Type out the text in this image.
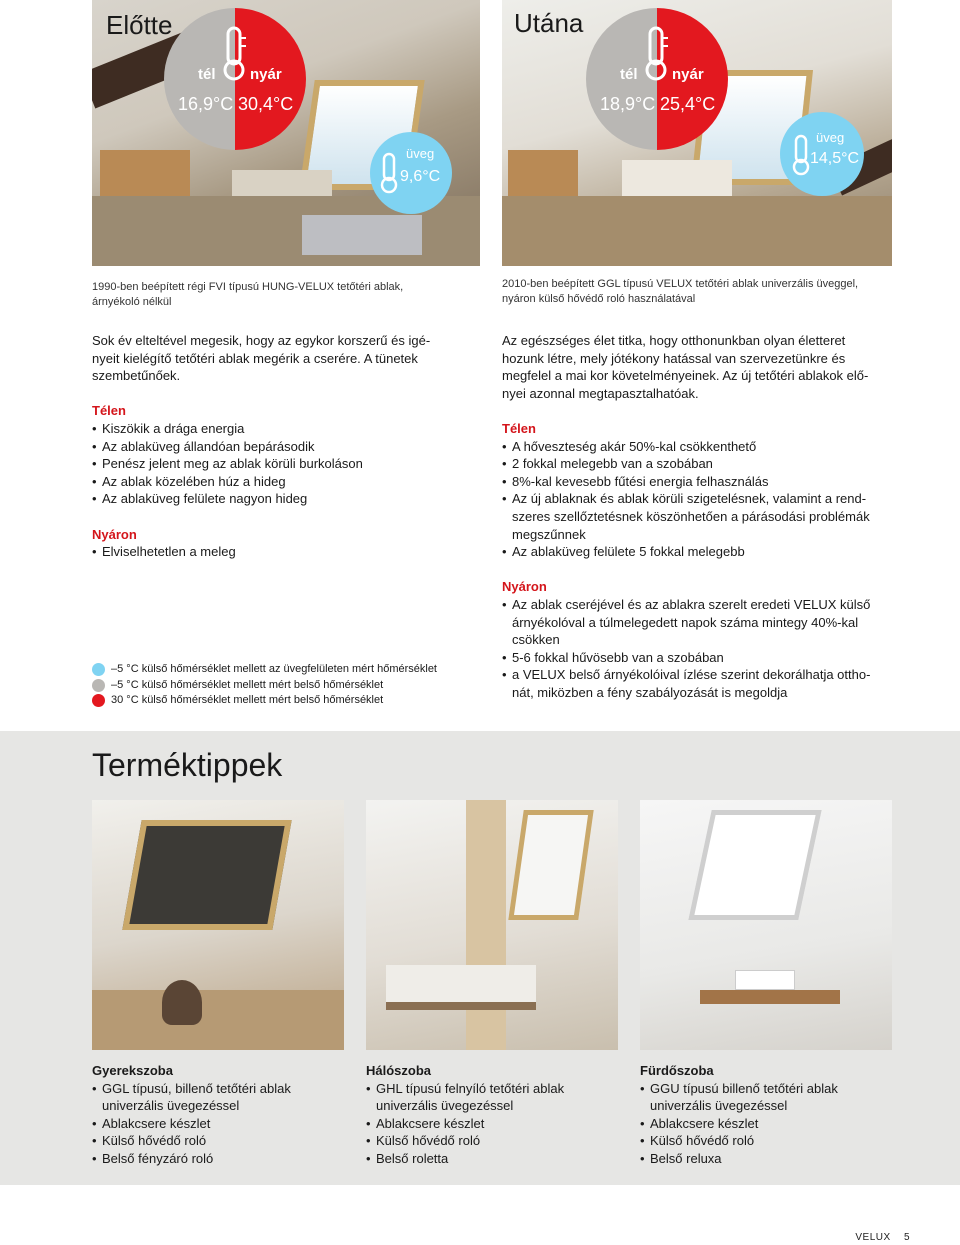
Előtte
tél nyár
16,9°C 30,4°C
üveg
9,6°C
Utána
tél nyár
18,9°C 25,4°C
üveg
14,5°C
1990-ben beépített régi FVI típusú HUNG-VELUX tetőtéri ablak,
árnyékoló nélkül
2010-ben beépített GGL típusú VELUX tetőtéri ablak univerzális üveggel,
nyáron külső hővédő roló használatával

Sok év elteltével megesik, hogy az egykor korszerű és igé-

nyeit kielégítő tetőtéri ablak megérik a cserére. A tünetek

szembetűnőek.

Télen

• Kiszökik a drága energia
• Az ablaküveg állandóan bepárásodik
• Penész jelent meg az ablak körüli burkoláson
• Az ablak közelében húz a hideg
• Az ablaküveg felülete nagyon hideg

Nyáron

• Elviselhetetlen a meleg

Az egészséges élet titka, hogy otthonunkban olyan életteret

hozunk létre, mely jótékony hatással van szervezetünkre és

megfelel a mai kor követelményeinek. Az új tetőtéri ablakok elő-

nyei azonnal megtapasztalhatóak.

Télen

• A hőveszteség akár 50%-kal csökkenthető
• 2 fokkal melegebb van a szobában
• 8%-kal kevesebb fűtési energia felhasználás
• Az új ablaknak és ablak körüli szigetelésnek, valamint a rend-
szeres szellőztetésnek köszönhetően a párásodási problémák
megszűnnek
• Az ablaküveg felülete 5 fokkal melegebb

Nyáron

• Az ablak cseréjével és az ablakra szerelt eredeti VELUX külső
árnyékolóval a túlmelegedett napok száma mintegy 40%-kal
csökken
• 5-6 fokkal hűvösebb van a szobában
• a VELUX belső árnyékolóival ízlése szerint dekorálhatja ottho-
nát, miközben a fény szabályozását is megoldja
–5 °C külső hőmérséklet mellett az üvegfelületen mért hőmérséklet
–5 °C külső hőmérséklet mellett mért belső hőmérséklet
30 °C külső hőmérséklet mellett mért belső hőmérséklet
Terméktippek
Gyerekszoba
• GGL típusú, billenő tetőtéri ablak
univerzális üvegezéssel
• Ablakcsere készlet
• Külső hővédő roló
• Belső fényzáró roló
Hálószoba
• GHL típusú felnyíló tetőtéri ablak
univerzális üvegezéssel
• Ablakcsere készlet
• Külső hővédő roló
• Belső roletta
Fürdőszoba
• GGU típusú billenő tetőtéri ablak
univerzális üvegezéssel
• Ablakcsere készlet
• Külső hővédő roló
• Belső reluxa
VELUX 5
